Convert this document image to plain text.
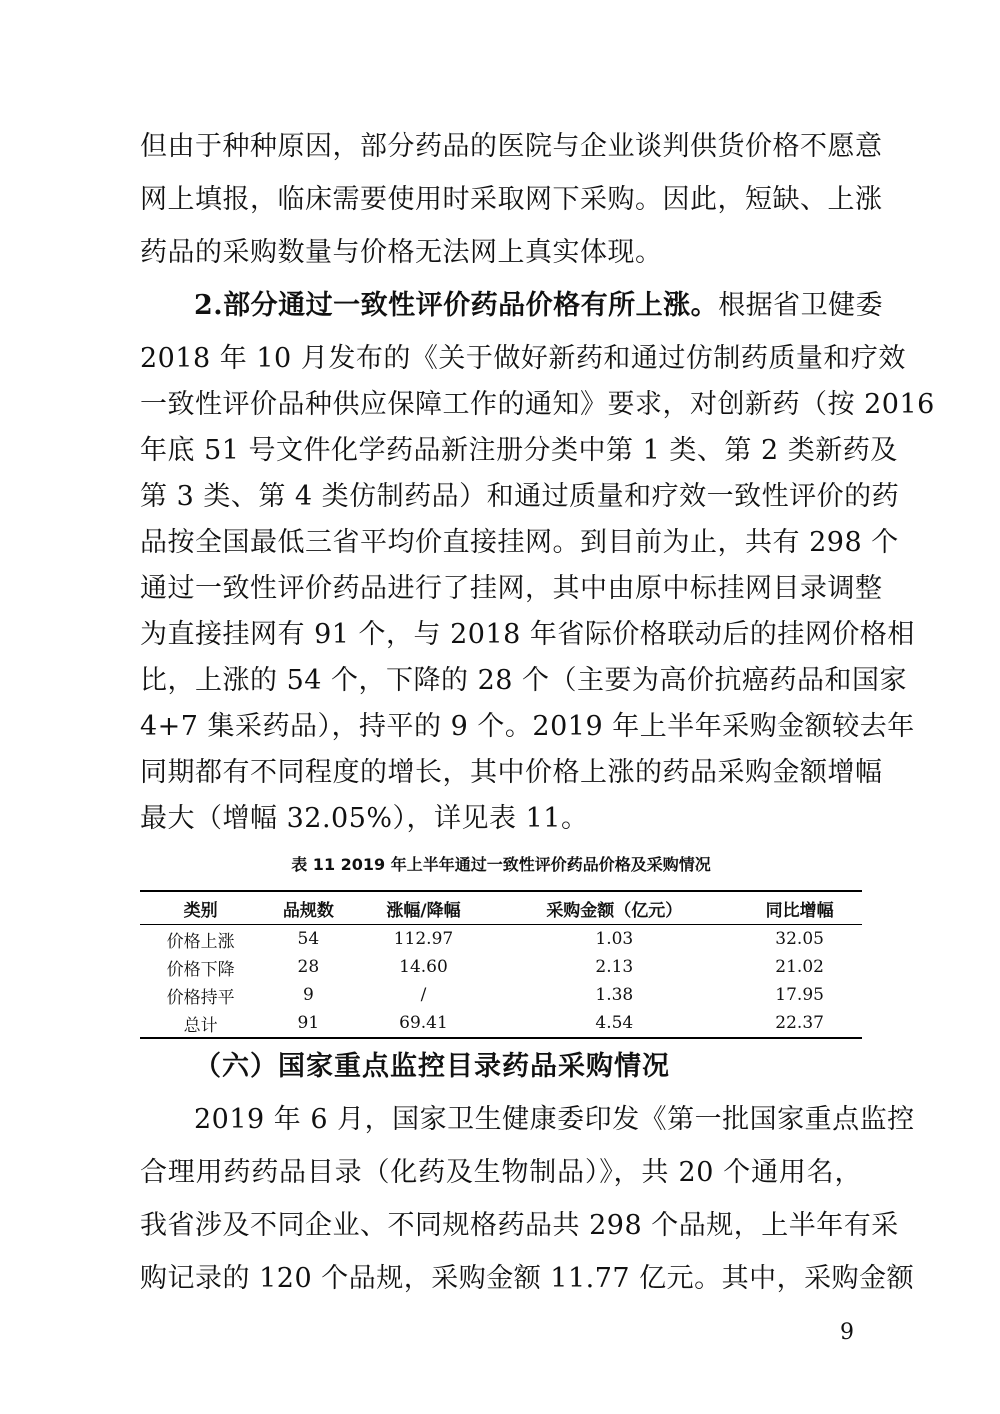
但由于种种原因，部分药品的医院与企业谈判供货价格不愿意
网上填报，临床需要使用时采取网下采购。因此，短缺、上涨
药品的采购数量与价格无法网上真实体现。
2.部分通过一致性评价药品价格有所上涨。根据省卫健委
2018 年 10 月发布的《关于做好新药和通过仿制药质量和疗效
一致性评价品种供应保障工作的通知》要求，对创新药（按 2016
年底 51 号文件化学药品新注册分类中第 1 类、第 2 类新药及
第 3 类、第 4 类仿制药品）和通过质量和疗效一致性评价的药
品按全国最低三省平均价直接挂网。到目前为止，共有 298 个
通过一致性评价药品进行了挂网，其中由原中标挂网目录调整
为直接挂网有 91 个，与 2018 年省际价格联动后的挂网价格相
比，上涨的 54 个，下降的 28 个（主要为高价抗癌药品和国家
4+7 集采药品），持平的 9 个。2019 年上半年采购金额较去年
同期都有不同程度的增长，其中价格上涨的药品采购金额增幅
表 11 2019 年上半年通过一致性评价药品价格及采购情况
类别	品规数	涨幅/降幅	采购金额（亿元）	同比增幅
价格上涨	54	112.97	1.03	32.05
价格下降	28	14.60	2.13	21.02
价格持平	9	/	1.38	17.95
总计	91	69.41	4.54	22.37
（六）国家重点监控目录药品采购情况
2019 年 6 月，国家卫生健康委印发《第一批国家重点监控
合理用药药品目录（化药及生物制品）》，共 20 个通用名，
我省涉及不同企业、不同规格药品共 298 个品规，上半年有采
购记录的 120 个品规，采购金额 11.77 亿元。其中，采购金额
9
最大（增幅 32.05%），详见表 11。
